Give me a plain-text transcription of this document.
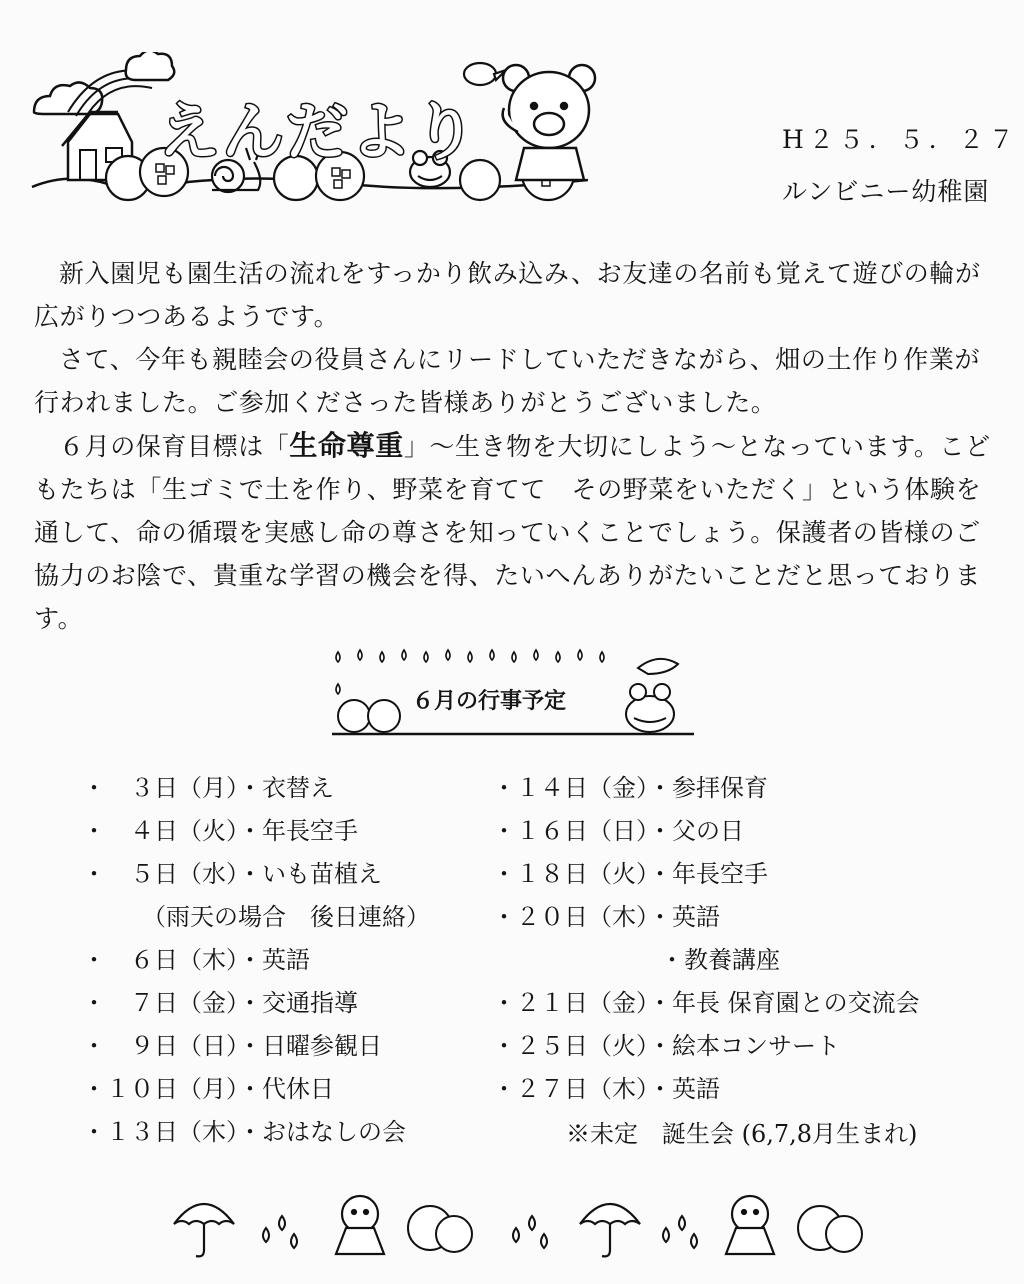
えんだより	H２５．５．２７
ルンビニー幼稚園

新入園児も園生活の流れをすっかり飲み込み、お友達の名前も覚えて遊びの輪が広がりつつあるようです。

さて、今年も親睦会の役員さんにリードしていただきながら、畑の土作り作業が行われました。ご参加くださった皆様ありがとうございました。

６月の保育目標は「生命尊重」～生き物を大切にしよう～となっています。こどもたちは「生ゴミで土を作り、野菜を育てて　その野菜をいただく」という体験を通して、命の循環を実感し命の尊さを知っていくことでしょう。保護者の皆様のご協力のお陰で、貴重な学習の機会を得、たいへんありがたいことだと思っております。

６月の行事予定
・　３日（月）・衣替え
・　４日（火）・年長空手
・　５日（水）・いも苗植え
　　　（雨天の場合　後日連絡）
・　６日（木）・英語
・　７日（金）・交通指導
・　９日（日）・日曜参観日
・１０日（月）・代休日
・１３日（木）・おはなしの会
・１４日（金）・参拝保育
・１６日（日）・父の日
・１８日（火）・年長空手
・２０日（木）・英語
　　　　　　　・教養講座
・２１日（金）・年長 保育園との交流会
・２５日（火）・絵本コンサート
・２７日（木）・英語
※未定　誕生会 (6,7,8月生まれ)
